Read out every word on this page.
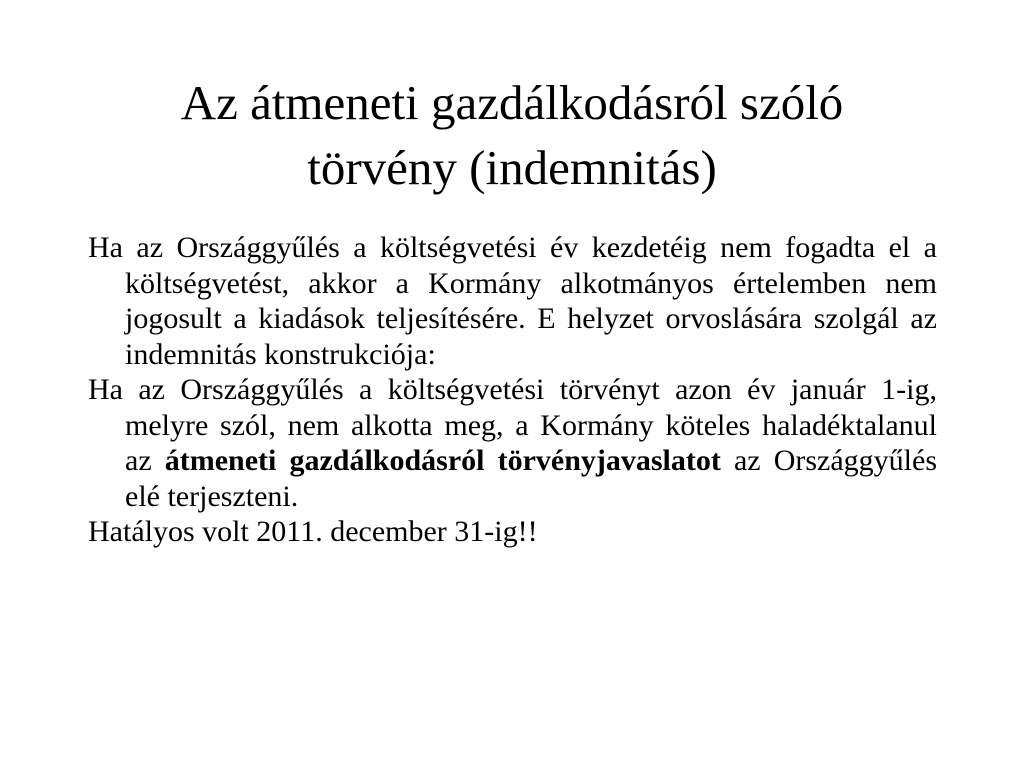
Az átmeneti gazdálkodásról szóló
törvény (indemnitás)

Ha az Országgyűlés a költségvetési év kezdetéig nem fogadta el a költségvetést, akkor a Kormány alkotmányos értelemben nem jogosult a kiadások teljesítésére. E helyzet orvoslására szolgál az indemnitás konstrukciója:

Ha az Országgyűlés a költségvetési törvényt azon év január 1-ig, melyre szól, nem alkotta meg, a Kormány köteles haladéktalanul az átmeneti gazdálkodásról törvényjavaslatot az Országgyűlés elé terjeszteni.

Hatályos volt 2011. december 31-ig!!
